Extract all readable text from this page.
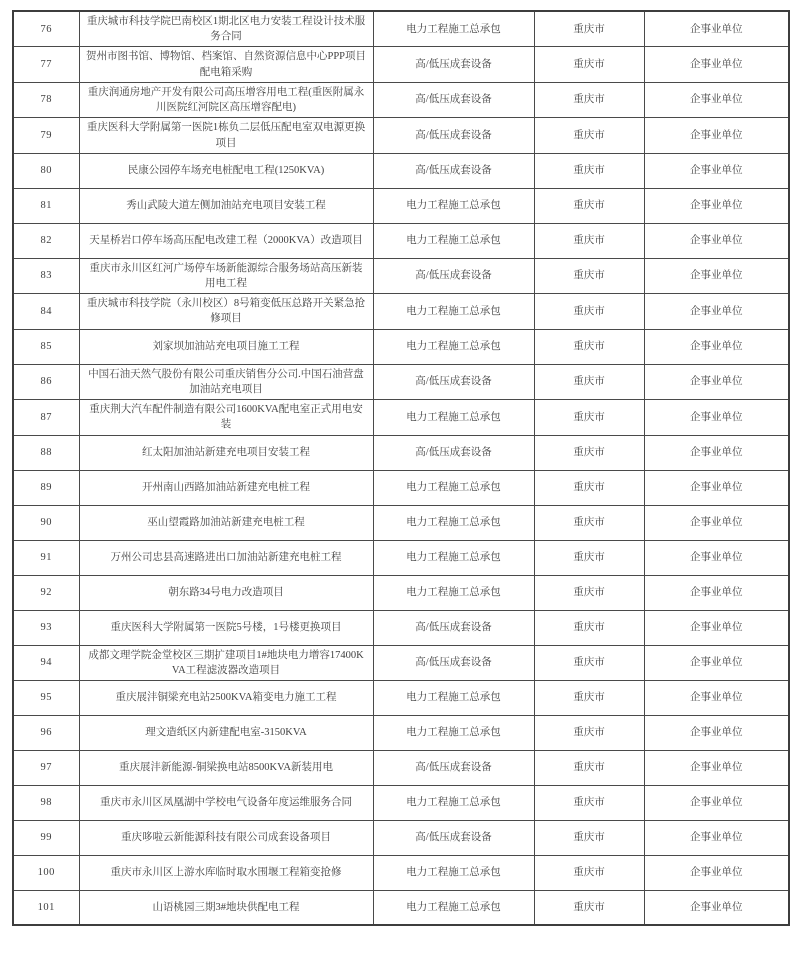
76	重庆城市科技学院巴南校区1期北区电力安装工程设计技术服务合同	电力工程施工总承包	重庆市	企事业单位
77	贺州市图书馆、博物馆、档案馆、自然资源信息中心PPP项目配电箱采购	高/低压成套设备	重庆市	企事业单位
78	重庆润通房地产开发有限公司高压增容用电工程(重医附属永川医院红河院区高压增容配电)	高/低压成套设备	重庆市	企事业单位
79	重庆医科大学附属第一医院1栋负二层低压配电室双电源更换项目	高/低压成套设备	重庆市	企事业单位
80	民康公园停车场充电桩配电工程(1250KVA)	高/低压成套设备	重庆市	企事业单位
81	秀山武陵大道左侧加油站充电项目安装工程	电力工程施工总承包	重庆市	企事业单位
82	天星桥岩口停车场高压配电改建工程（2000KVA）改造项目	电力工程施工总承包	重庆市	企事业单位
83	重庆市永川区红河广场停车场新能源综合服务场站高压新装用电工程	高/低压成套设备	重庆市	企事业单位
84	重庆城市科技学院（永川校区）8号箱变低压总路开关紧急抢修项目	电力工程施工总承包	重庆市	企事业单位
85	刘家坝加油站充电项目施工工程	电力工程施工总承包	重庆市	企事业单位
86	中国石油天然气股份有限公司重庆销售分公司.中国石油营盘加油站充电项目	高/低压成套设备	重庆市	企事业单位
87	重庆荆大汽车配件制造有限公司1600KVA配电室正式用电安装	电力工程施工总承包	重庆市	企事业单位
88	红太阳加油站新建充电项目安装工程	高/低压成套设备	重庆市	企事业单位
89	开州南山西路加油站新建充电桩工程	电力工程施工总承包	重庆市	企事业单位
90	巫山望霞路加油站新建充电桩工程	电力工程施工总承包	重庆市	企事业单位
91	万州公司忠县高速路进出口加油站新建充电桩工程	电力工程施工总承包	重庆市	企事业单位
92	朝东路34号电力改造项目	电力工程施工总承包	重庆市	企事业单位
93	重庆医科大学附属第一医院5号楼，1号楼更换项目	高/低压成套设备	重庆市	企事业单位
94	成都文理学院金堂校区三期扩建项目1#地块电力增容17400KVA工程滤波器改造项目	高/低压成套设备	重庆市	企事业单位
95	重庆展沣铜梁充电站2500KVA箱变电力施工工程	电力工程施工总承包	重庆市	企事业单位
96	理文造纸区内新建配电室-3150KVA	电力工程施工总承包	重庆市	企事业单位
97	重庆展沣新能源-铜梁换电站8500KVA新装用电	高/低压成套设备	重庆市	企事业单位
98	重庆市永川区凤凰湖中学校电气设备年度运维服务合同	电力工程施工总承包	重庆市	企事业单位
99	重庆哆啦云新能源科技有限公司成套设备项目	高/低压成套设备	重庆市	企事业单位
100	重庆市永川区上游水库临时取水围堰工程箱变抢修	电力工程施工总承包	重庆市	企事业单位
101	山语桃园三期3#地块供配电工程	电力工程施工总承包	重庆市	企事业单位
